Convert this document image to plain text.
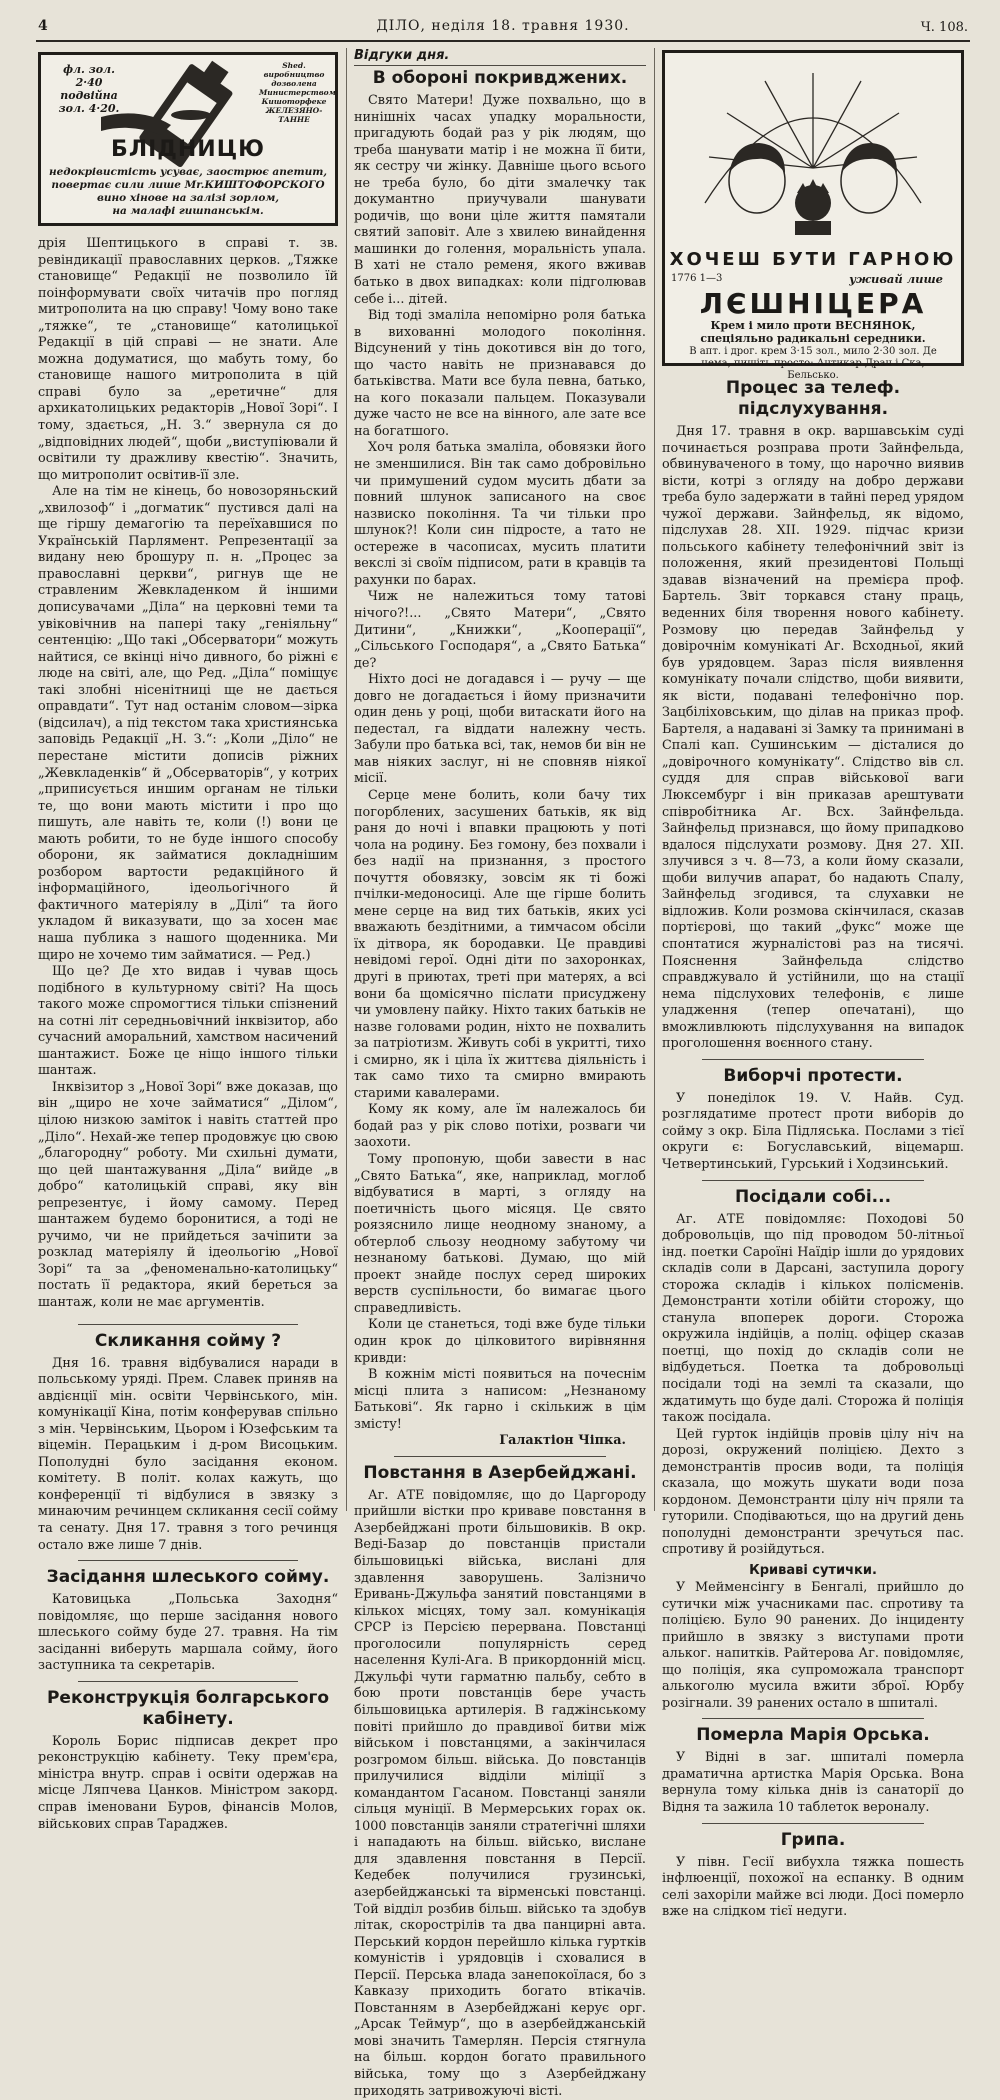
4	ДІЛО, неділя 18. травня 1930.	Ч. 108.
фл. зол. 2·40
подвійна
зол. 4·20.
Shed.
виробництво
дозволена
Министерством
Кишоторфеке
ЖЕЛЕЗЯНО-ТАННЕ
БЛІДНИЦЮ
недокрівистість усуває, заострює апетит,
повертає сили лише Мr.КИШТОФОРСКОГО
вино хінове на залізі зорлом,
на малафі гишпанськім.

дрія Шептицького в справі т. зв. ревіндикації православних церков. „Тяжке становище“ Редакції не позволило їй поінформувати своїх читачів про погляд митрополита на цю справу! Чому воно таке „тяжке“, те „становище“ католицької Редакції в цій справі — не знати. Але можна додуматися, що мабуть тому, бо становище нашого митрополита в цій справі було за „еретичне“ для архикатолицьких редакторів „Нової Зорі“. І тому, здається, „Н. З.“ звернула ся до „відповідних людей“, щоби „виступіювали й освітили ту дражливу квестію“. Значить, що митрополит освітив-її зле.

Але на тім не кінець, бо новозоряньский „хвилозоф“ і „догматик“ пустився далі на ще гіршу демагогію та переїхавшися по Українській Парлямент. Репрезентації за видану нею брошуру п. н. „Процес за православні церкви“, ригнув ще не стравленим Жевкладенком й іншими дописувачами „Діла“ на церковні теми та увіковічнив на папері таку „геніяльну“ сентенцію: „Що такі „Обсерватори“ можуть найтися, се вкінці нічо дивного, бо ріжні є люде на світі, але, що Ред. „Діла“ поміщує такі злобні нісенітниці ще не дається оправдати“. Тут над останім словом—зірка (відсилач), а під текстом така християнська заповідь Редакції „Н. З.“: „Коли „Діло“ не перестане містити дописів ріжних „Жевкладенків“ й „Обсерваторів“, у котрих „приписується иншим органам не тільки те, що вони мають містити і про що пишуть, але навіть те, коли (!) вони це мають робити, то не буде іншого способу оборони, як займатися докладнішим розбором вартости редакційного й інформаційного, ідеольогічного й фактичного матеріялу в „Ділі“ та його укладом й виказувати, що за хосен має наша публика з нашого щоденника. Ми щиро не хочемо тим займатися. — Ред.)

Що це? Де хто видав і чував щось подібного в культурному світі? На щось такого може спромогтися тільки спізнений на сотні літ середньовічний інквізитор, або сучасний аморальний, хамством насичений шантажист. Боже це ніщо іншого тільки шантаж.

Інквізитор з „Нової Зорі“ вже доказав, що він „щиро не хоче займатися“ „Ділом“, цілою низкою заміток і навіть статтей про „Діло“. Нехай-же тепер продовжує цю свою „благородну“ роботу. Ми схильні думати, що цей шантажування „Діла“ вийде „в добро“ католицькій справі, яку він репрезентує, і йому самому. Перед шантажем будемо боронитися, а тоді не ручимо, чи не прийдеться зачіпити за розклад матеріялу й ідеольогію „Нової Зорі“ та за „феноменально-католицьку“ постать її редактора, який береться за шантаж, коли не має аргументів.

Скликання сойму ?

Дня 16. травня відбувалися наради в польському уряді. Прем. Славек приняв на авдієнції мін. освіти Червінського, мін. комунікації Кіна, потім конферував спільно з мін. Червінським, Цьором і Юзефським та віцемін. Перацьким і д-ром Висоцьким. Пополудні було засідання економ. комітету. В політ. колах кажуть, що конференції ті відбулися в звязку з минаючим речинцем скликання сесії сойму та сенату. Дня 17. травня з того речинця остало вже лише 7 днів.

Засідання шлеського сойму.

Катовицька „Польська Заходня“ повідомляє, що перше засідання нового шлеського сойму буде 27. травня. На тім засіданні виберуть маршала сойму, його заступника та секретарів.

Реконструкція болгарського кабінету.

Король Борис підписав декрет про реконструкцію кабінету. Теку прем'єра, міністра внутр. справ і освіти одержав на місце Ляпчева Цанков. Міністром закорд. справ іменовани Буров, фінансів Молов, військових справ Тараджев.

Відгуки дня.
В обороні покривджених.

Свято Матери! Дуже похвально, що в нинішніх часах упадку моральности, пригадують бодай раз у рік людям, що треба шанувати матір і не можна її бити, як сестру чи жінку. Давніше цього всього не треба було, бо діти змалечку так докумантно приучували шанувати родичів, що вони ціле життя памятали святий заповіт. Але з хвилею винайдення машинки до голення, моральність упала. В хаті не стало ременя, якого вживав батько в двох випадках: коли підголював себе і... дітей.

Від тоді змаліла непомірно роля батька в вихованні молодого покоління. Відсунений у тінь докотився він до того, що часто навіть не признавався до батьківства. Мати все була певна, батько, на кого показали пальцем. Показували дуже часто не все на вінного, але зате все на богатшого.

Хоч роля батька змаліла, обовязки його не зменшилися. Він так само добровільно чи примушений судом мусить дбати за повний шлунок записаного на своє назвиско покоління. Та чи тільки про шлунок?! Коли син підросте, а тато не остереже в часописах, мусить платити векслі зі своїм підписом, рати в кравців та рахунки по барах.

Чиж не належиться тому татові нічого?!... „Свято Матери“, „Свято Дитини“, „Книжки“, „Кооперації“, „Сільського Господаря“, а „Свято Батька“ де?

Ніхто досі не догадався і — ручу — ще довго не догадається і йому призначити один день у році, щоби витаскати його на педестал, га віддати належну честь. Забули про батька всі, так, немов би він не мав ніяких заслуг, ні не сповняв ніякої місії.

Серце мене болить, коли бачу тих погорблених, засушених батьків, як від раня до ночі і впавки працюють у поті чола на родину. Без гомону, без похвали і без надії на признання, з простого почуття обовязку, зовсім як ті божі пчілки-медоносиці. Але ще гірше болить мене серце на вид тих батьків, яких усі вважають бездітними, а тимчасом обсіли їх дітвора, як бородавки. Це правдиві невідомі герої. Одні діти по захоронках, другі в приютах, треті при матерях, а всі вони ба щомісячно післати присуджену чи умовлену пайку. Ніхто таких батьків не назве головами родин, ніхто не похвалить за патріотизм. Живуть собі в укритті, тихо і смирно, як і ціла їх життєва діяльність і так само тихо та смирно вмирають старими кавалерами.

Кому як кому, але їм належалось би бодай раз у рік слово потіхи, розваги чи заохоти.

Тому пропоную, щоби завести в нас „Свято Батька“, яке, наприклад, моглоб відбуватися в марті, з огляду на поетичність цього місяця. Це свято роязяснило лище неодному знаному, а обтерлоб сльозу неодному забутому чи незнаному батькові. Думаю, що мій проект знайде послух серед широких верств суспільности, бо вимагає цього справедливість.

Коли це станеться, тоді вже буде тільки один крок до цілковитого вирівняння кривди:

В кожнім місті появиться на почеснім місці плита з написом: „Незнаному Батькові“. Як гарно і скількиж в цім змісту!

Галактіон Чіпка.
Повстання в Азербейджані.

Аг. АТЕ повідомляє, що до Царгороду прийшли вістки про криваве повстання в Азербейджані проти більшовиків. В окр. Веді-Базар до повстанців пристали більшовицькі війська, вислані для здавлення заворушень. Залізничо Еривань-Джульфа занятий повстанцями в кількох місцях, тому зал. комунікація СРСР із Персією перервана. Повстанці проголосили популярність серед населення Кулі-Ага. В прикордонній місц. Джульфі чути гарматню пальбу, себто в бою проти повстанців бере участь більшовицька артилерія. В гаджінському повіті прийшло до правдивої битви між військом і повстанцями, а закінчилася розгромом більш. війська. До повстанців прилучилися відділи міліції з командантом Гасаном. Повстанці заняли сільця муніції. В Мермерських горах ок. 1000 повстанців заняли стратегічні шляхи і нападають на більш. військо, вислане для здавлення повстання в Персії. Кедебек получилися грузинські, азербейджанські та вірменські повстанці. Той відділ розбив більш. військо та здобув літак, скорострілів та два панцирні авта. Перський кордон перейшло кілька гуртків комуністів і урядовців і сховалися в Персії. Перська влада занепокоїлася, бо з Кавказу приходить богато втікачів. Повстанням в Азербейджані керує орг. „Арсак Теймур“, що в азербейджанській мові значить Тамерлян. Персія стягнула на більш. кордон богато правильного війська, тому що з Азербейджану приходять затривожуючі вісті.

ХОЧЕШ БУТИ ГАРНОЮ
1776 1—3	уживай лише
ЛЄШНІЦЕРА
Крем і мило проти ВЕСНЯНОК, спеціяльно радикальні середники.
В апт. і дрог. крем 3·15 зол., мило 2·30 зол. Де нема, пишіть просто: Антикар Драч і Ска, Бельсько.
Процес за телеф. підслухування.

Дня 17. травня в окр. варшавськім суді починається розправа проти Зайнфельда, обвинуваченого в тому, що нарочно виявив вісти, котрі з огляду на добро держави треба було задержати в тайні перед урядом чужої держави. Зайнфельд, як відомо, підслухав 28. XII. 1929. підчас кризи польського кабінету телефонічний звіт із положення, який президентові Польщі здавав візначений на премієра проф. Бартель. Звіт торкався стану праць, веденних біля творення нового кабінету. Розмову цю передав Зайнфельд у довірочнім комунікаті Аг. Всходньої, який був урядовцем. Зараз після виявлення комунікату почали слідство, щоби виявити, як вісти, подавані телефонічно пор. Зацбіліховським, що ділав на приказ проф. Бартеля, а надавані зі Замку та принимані в Спалі кап. Сушинським — дісталися до „довірочного комунікату“. Слідство вів сл. суддя для справ військової ваги Люксембург і він приказав арештувати співробітника Аг. Всх. Зайнфельда. Зайнфельд признався, що йому припадково вдалося підслухати розмову. Дня 27. XII. злучився з ч. 8—73, а коли йому сказали, щоби вилучив апарат, бо надають Спалу, Зайнфельд згодився, та слухавки не відложив. Коли розмова скінчилася, сказав портієрові, що такий „фукс“ може ще спонтатися журналістові раз на тисячі. Пояснення Зайнфельда слідство справджувало й устійнили, що на стації нема підслухових телефонів, є лише уладження (тепер опечатані), що вможливлюють підслухування на випадок проголошення воєнного стану.

Виборчі протести.

У понеділок 19. V. Найв. Суд. розглядатиме протест проти виборів до сойму з окр. Біла Підляська. Послами з тієї округи є: Богуславський, віцемарш. Четвертинський, Гурський і Ходзинський.

Посідали собі...

Аг. АТЕ повідомляє: Походові 50 добровольців, що під проводом 50-літньої інд. поетки Сароїні Наїдір ішли до урядових складів соли в Дарсані, заступила дорогу сторожа складів і кількох полісменів. Демонстранти хотіли обійти сторожу, що станула впоперек дороги. Сторожа окружила індійців, а поліц. офіцер сказав поетці, що похід до складів соли не відбудеться. Поетка та добровольці посідали тоді на землі та сказали, що ждатимуть що буде далі. Сторожа й поліція також посідала.

Цей гурток індійців провів цілу ніч на дорозі, окружений поліцією. Дехто з демонстрантів просив води, та поліція сказала, що можуть шукати води поза кордоном. Демонстранти цілу ніч пряли та гуторили. Сподіваються, що на другий день пополудні демонстранти зречуться пас. спротиву й розійдуться.

Криваві сутички.

У Мейменсінгу в Бенгалі, прийшло до сутички між учасниками пас. спротиву та поліцією. Було 90 ранених. До інциденту прийшло в звязку з виступами проти альког. напитків. Райтерова Аг. повідомляє, що поліція, яка супроможала транспорт алькоголю мусила вжити зброї. Юрбу розігнали. 39 ранених остало в шпиталі.

Померла Марія Орська.

У Відні в заг. шпиталі померла драматична артистка Марія Орська. Вона вернула тому кілька днів із санаторії до Відня та зажила 10 таблеток вероналу.

Грипа.

У півн. Гесії вибухла тяжка пошесть інфлюенції, похожої на еспанку. В одним селі захоріли майже всі люди. Досі померло вже на слідком тієї недуги.
